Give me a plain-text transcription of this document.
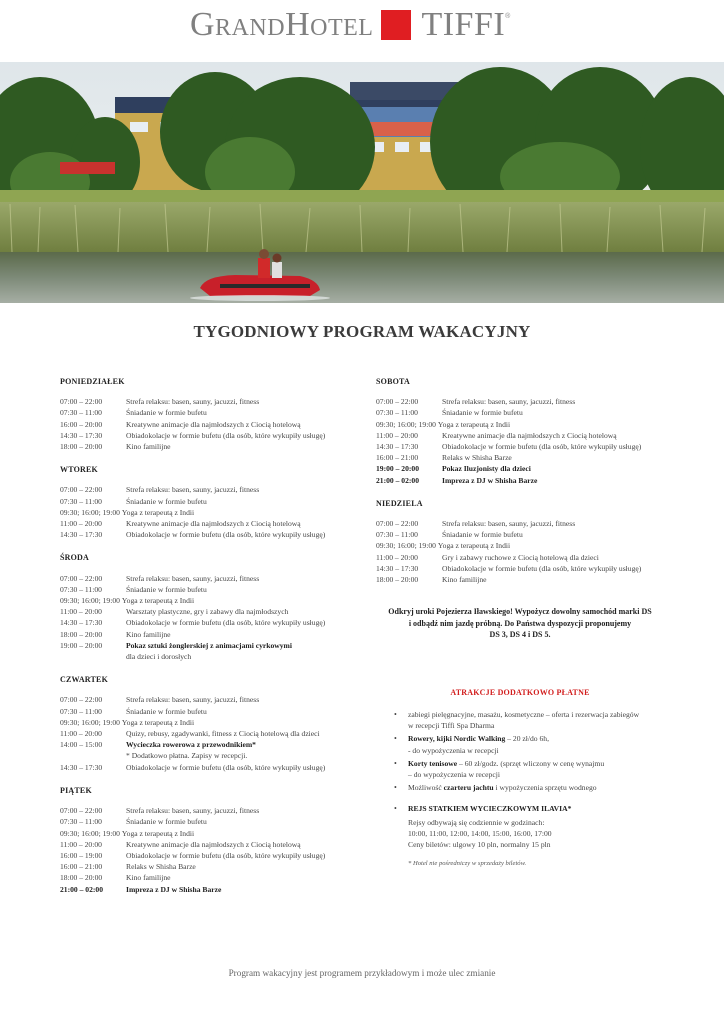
Grand Hotel TIFFI ®
TYGODNIOWY PROGRAM WAKACYJNY
PONIEDZIAŁEK
07:00 – 22:00	Strefa relaksu: basen, sauny, jacuzzi, fitness
07:30 – 11:00	Śniadanie w formie bufetu
16:00 – 20:00	Kreatywne animacje dla najmłodszych z Ciocią hotelową
14:30 – 17:30	Obiadokolacje w formie bufetu (dla osób, które wykupiły usługę)
18:00 – 20:00	Kino familijne
WTOREK
07:00 – 22:00	Strefa relaksu: basen, sauny, jacuzzi, fitness
07:30 – 11:00	Śniadanie w formie bufetu
09:30; 16:00; 19:00 Yoga z terapeutą z Indii
11:00 – 20:00	Kreatywne animacje dla najmłodszych z Ciocią hotelową
14:30 – 17:30	Obiadokolacje w formie bufetu (dla osób, które wykupiły usługę)
ŚRODA
07:00 – 22:00	Strefa relaksu: basen, sauny, jacuzzi, fitness
07:30 – 11:00	Śniadanie w formie bufetu
09:30; 16:00; 19:00 Yoga z terapeutą z Indii
11:00 – 20:00	Warsztaty plastyczne, gry i zabawy dla najmłodszych
14:30 – 17:30	Obiadokolacje w formie bufetu (dla osób, które wykupiły usługę)
18:00 – 20:00	Kino familijne
19:00 – 20:00	Pokaz sztuki żonglerskiej z animacjami cyrkowymi
dla dzieci i dorosłych
CZWARTEK
07:00 – 22:00	Strefa relaksu: basen, sauny, jacuzzi, fitness
07:30 – 11:00	Śniadanie w formie bufetu
09:30; 16:00; 19:00 Yoga z terapeutą z Indii
11:00 – 20:00	Quizy, rebusy, zgadywanki, fitness z Ciocią hotelową dla dzieci
14:00 – 15:00	Wycieczka rowerowa z przewodnikiem*
* Dodatkowo płatna. Zapisy w recepcji.
14:30 – 17:30	Obiadokolacje w formie bufetu (dla osób, które wykupiły usługę)
PIĄTEK
07:00 – 22:00	Strefa relaksu: basen, sauny, jacuzzi, fitness
07:30 – 11:00	Śniadanie w formie bufetu
09:30; 16:00; 19:00 Yoga z terapeutą z Indii
11:00 – 20:00	Kreatywne animacje dla najmłodszych z Ciocią hotelową
16:00 – 19:00	Obiadokolacje w formie bufetu (dla osób, które wykupiły usługę)
16:00 – 21:00	Relaks w Shisha Barze
18:00 – 20:00	Kino familijne
21:00 – 02:00	Impreza z DJ w Shisha Barze
SOBOTA
07:00 – 22:00	Strefa relaksu: basen, sauny, jacuzzi, fitness
07:30 – 11:00	Śniadanie w formie bufetu
09:30; 16:00; 19:00 Yoga z terapeutą z Indii
11:00 – 20:00	Kreatywne animacje dla najmłodszych z Ciocią hotelową
14:30 – 17:30	Obiadokolacje w formie bufetu (dla osób, które wykupiły usługę)
16:00 – 21:00	Relaks w Shisha Barze
19:00 – 20:00	Pokaz Iluzjonisty dla dzieci
21:00 – 02:00	Impreza z DJ w Shisha Barze
NIEDZIELA
07:00 – 22:00	Strefa relaksu: basen, sauny, jacuzzi, fitness
07:30 – 11:00	Śniadanie w formie bufetu
09:30; 16:00; 19:00 Yoga z terapeutą z Indii
11:00 – 20:00	Gry i zabawy ruchowe z Ciocią hotelową dla dzieci
14:30 – 17:30	Obiadokolacje w formie bufetu (dla osób, które wykupiły usługę)
18:00 – 20:00	Kino familijne
Odkryj uroki Pojezierza Iławskiego! Wypożycz dowolny samochód marki DS
i odbądź nim jazdę próbną. Do Państwa dyspozycji proponujemy
DS 3, DS 4 i DS 5.
ATRAKCJE DODATKOWO PŁATNE
• zabiegi pielęgnacyjne, masażu, kosmetyczne – oferta i rezerwacja zabiegów
w recepcji Tiffi Spa Dharma
• Rowery, kijki Nordic Walking – 20 zł/do 6h,
- do wypożyczenia w recepcji
• Korty tenisowe – 60 zł/godz. (sprzęt wliczony w cenę wynajmu
– do wypożyczenia w recepcji
• Możliwość czarteru jachtu i wypożyczenia sprzętu wodnego
• REJS STATKIEM WYCIECZKOWYM ILAVIA*
Rejsy odbywają się codziennie w godzinach:
10:00, 11:00, 12:00, 14:00, 15:00, 16:00, 17:00
Ceny biletów: ulgowy 10 pln, normalny 15 pln
* Hotel nie pośredniczy w sprzedaży biletów.
Program wakacyjny jest programem przykładowym i może ulec zmianie
